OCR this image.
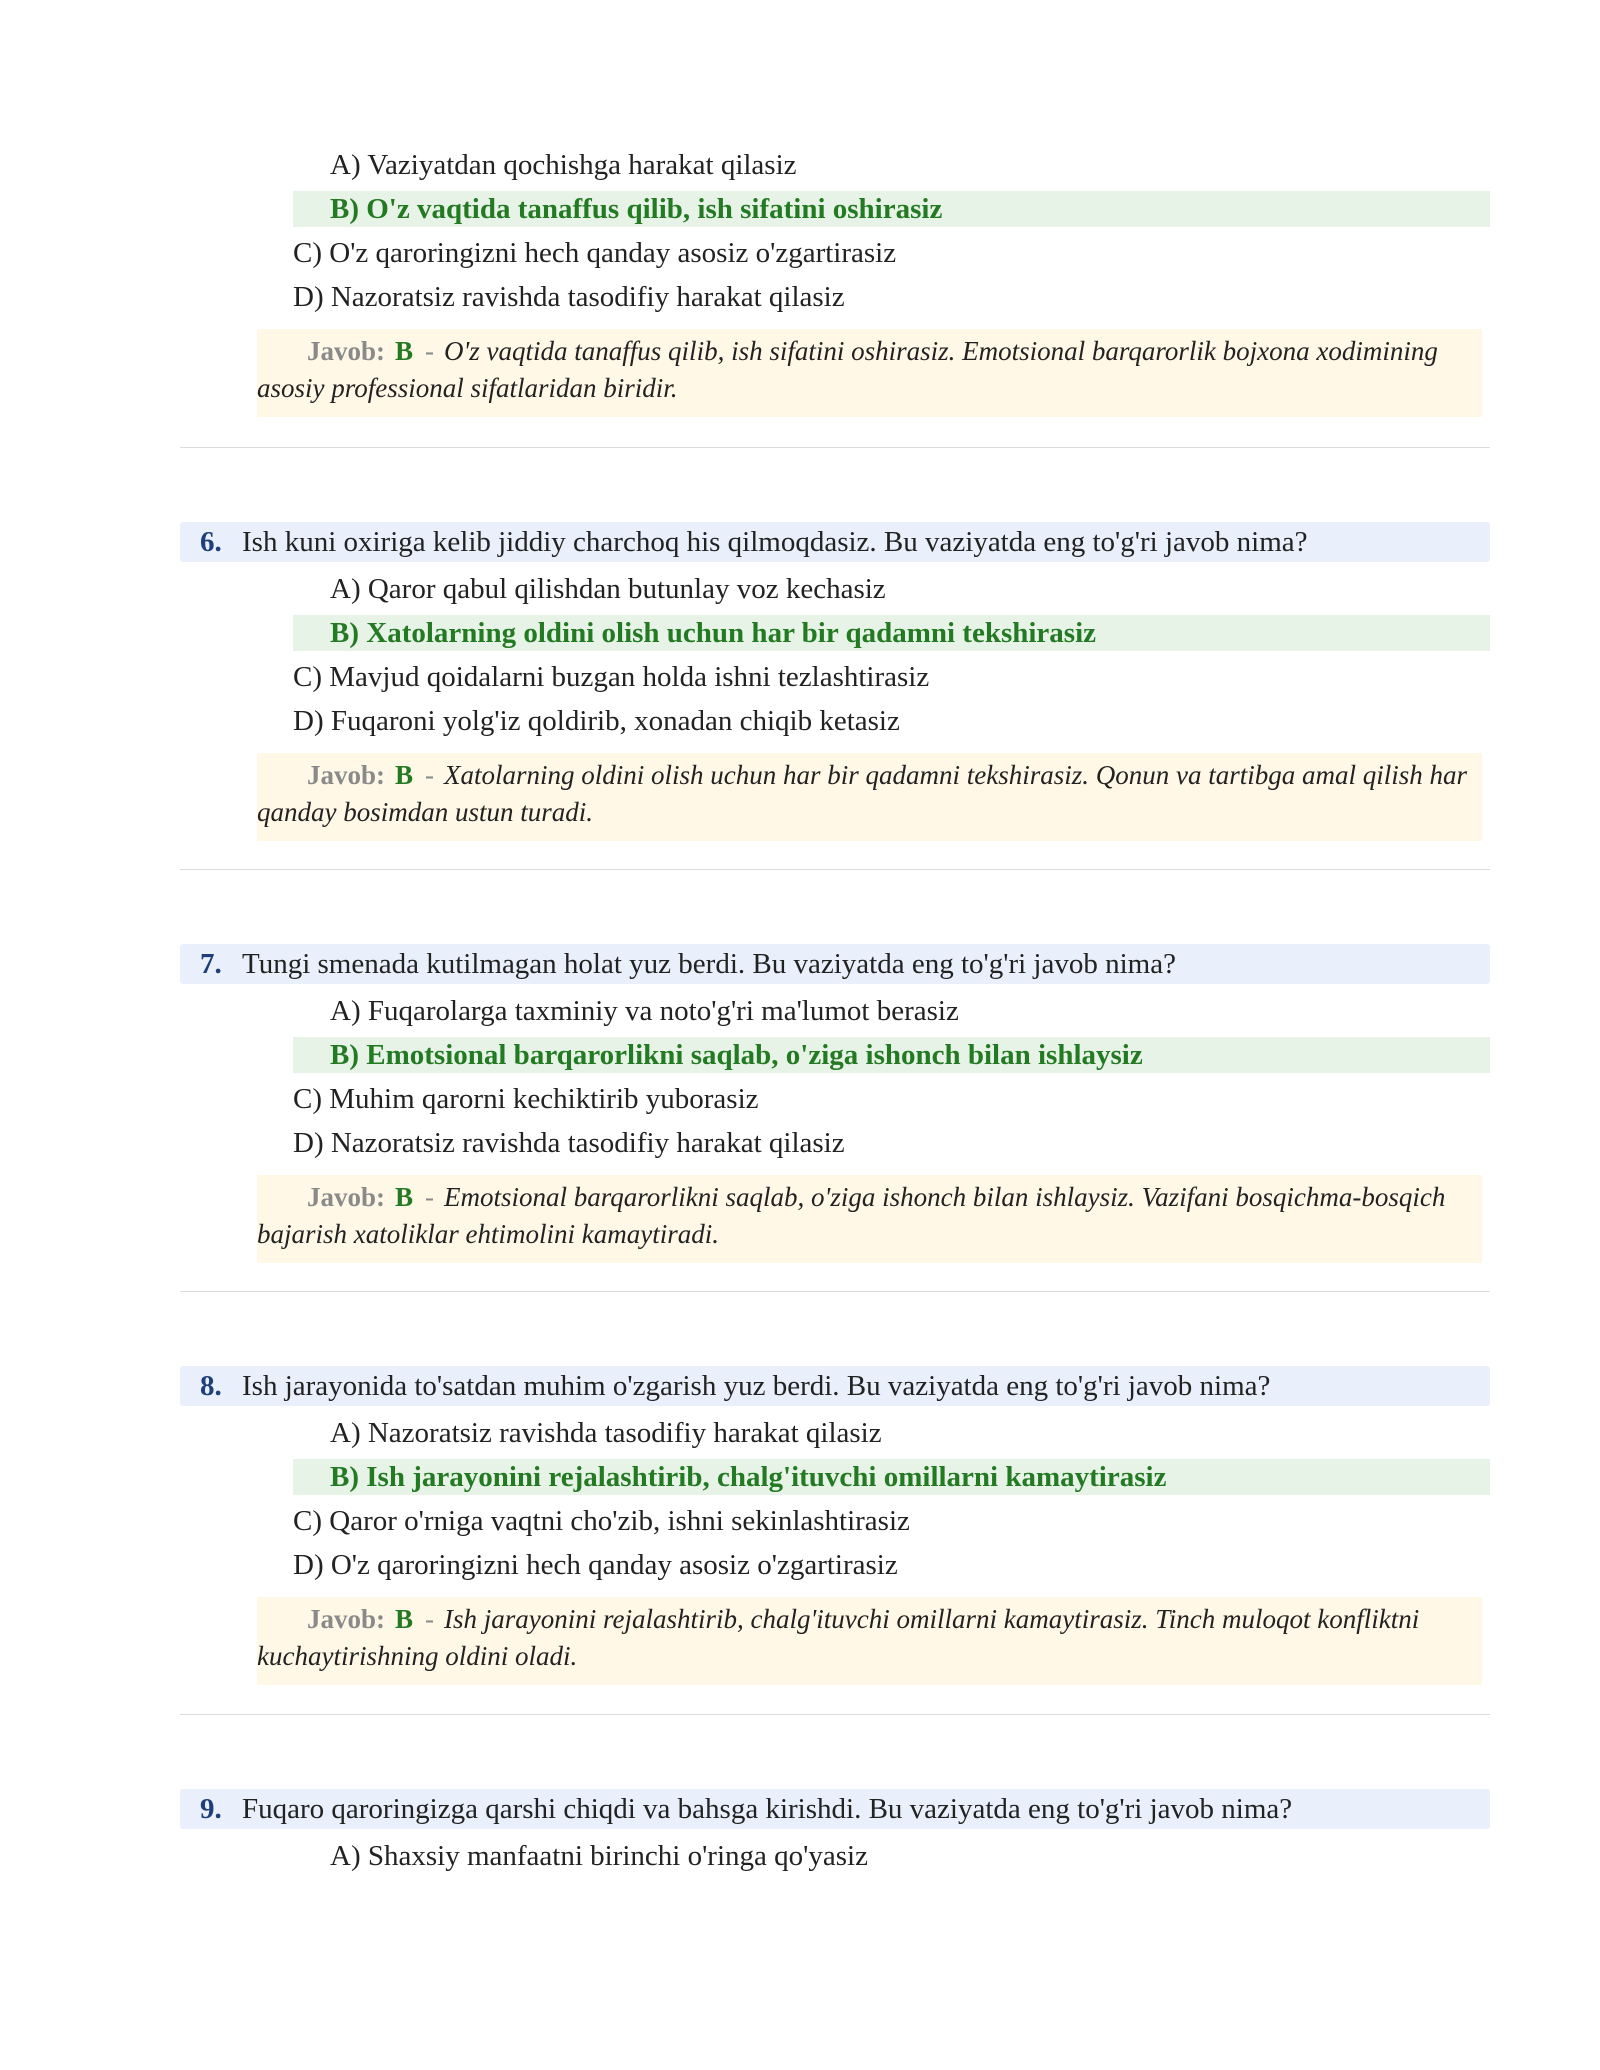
A) Vaziyatdan qochishga harakat qilasiz
B) O'z vaqtida tanaffus qilib, ish sifatini oshirasiz
C) O'z qaroringizni hech qanday asosiz o'zgartirasiz
D) Nazoratsiz ravishda tasodifiy harakat qilasiz
Javob: B - O'z vaqtida tanaffus qilib, ish sifatini oshirasiz. Emotsional barqarorlik bojxona xodimining asosiy professional sifatlaridan biridir.
6. Ish kuni oxiriga kelib jiddiy charchoq his qilmoqdasiz. Bu vaziyatda eng to'g'ri javob nima?
A) Qaror qabul qilishdan butunlay voz kechasiz
B) Xatolarning oldini olish uchun har bir qadamni tekshirasiz
C) Mavjud qoidalarni buzgan holda ishni tezlashtirasiz
D) Fuqaroni yolg'iz qoldirib, xonadan chiqib ketasiz
Javob: B - Xatolarning oldini olish uchun har bir qadamni tekshirasiz. Qonun va tartibga amal qilish har qanday bosimdan ustun turadi.
7. Tungi smenada kutilmagan holat yuz berdi. Bu vaziyatda eng to'g'ri javob nima?
A) Fuqarolarga taxminiy va noto'g'ri ma'lumot berasiz
B) Emotsional barqarorlikni saqlab, o'ziga ishonch bilan ishlaysiz
C) Muhim qarorni kechiktirib yuborasiz
D) Nazoratsiz ravishda tasodifiy harakat qilasiz
Javob: B - Emotsional barqarorlikni saqlab, o'ziga ishonch bilan ishlaysiz. Vazifani bosqichma-bosqich bajarish xatoliklar ehtimolini kamaytiradi.
8. Ish jarayonida to'satdan muhim o'zgarish yuz berdi. Bu vaziyatda eng to'g'ri javob nima?
A) Nazoratsiz ravishda tasodifiy harakat qilasiz
B) Ish jarayonini rejalashtirib, chalg'ituvchi omillarni kamaytirasiz
C) Qaror o'rniga vaqtni cho'zib, ishni sekinlashtirasiz
D) O'z qaroringizni hech qanday asosiz o'zgartirasiz
Javob: B - Ish jarayonini rejalashtirib, chalg'ituvchi omillarni kamaytirasiz. Tinch muloqot konfliktni kuchaytirishning oldini oladi.
9. Fuqaro qaroringizga qarshi chiqdi va bahsga kirishdi. Bu vaziyatda eng to'g'ri javob nima?
A) Shaxsiy manfaatni birinchi o'ringa qo'yasiz
